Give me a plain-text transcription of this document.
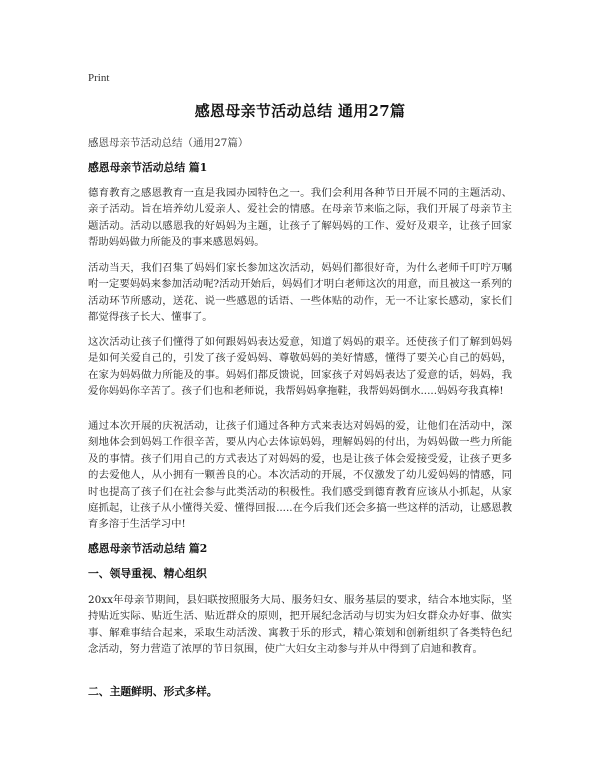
Print
感恩母亲节活动总结 通用27篇
感恩母亲节活动总结（通用27篇）
感恩母亲节活动总结 篇1
德育教育之感恩教育一直是我园办园特色之一。我们会利用各种节日开展不同的主题活动、亲子活动。旨在培养幼儿爱亲人、爱社会的情感。在母亲节来临之际，我们开展了母亲节主题活动。活动以感恩我的好妈妈为主题，让孩子了解妈妈的工作、爱好及艰辛，让孩子回家帮助妈妈做力所能及的事来感恩妈妈。
活动当天，我们召集了妈妈们家长参加这次活动，妈妈们都很好奇，为什么老师千叮咛万嘱咐一定要妈妈来参加活动呢?活动开始后，妈妈们才明白老师这次的用意，而且被这一系列的活动环节所感动，送花、说一些感恩的话语、一些体贴的动作，无一不让家长感动，家长们都觉得孩子长大、懂事了。
这次活动让孩子们懂得了如何跟妈妈表达爱意，知道了妈妈的艰辛。还使孩子们了解到妈妈是如何关爱自己的，引发了孩子爱妈妈、尊敬妈妈的美好情感，懂得了要关心自己的妈妈，在家为妈妈做力所能及的事。妈妈们都反馈说，回家孩子对妈妈表达了爱意的话，妈妈，我爱你妈妈你辛苦了。孩子们也和老师说，我帮妈妈拿拖鞋，我帮妈妈倒水.....妈妈夸我真棒!
通过本次开展的庆祝活动，让孩子们通过各种方式来表达对妈妈的爱，让他们在活动中，深刻地体会到妈妈工作很辛苦，要从内心去体谅妈妈，理解妈妈的付出，为妈妈做一些力所能及的事情。孩子们用自己的方式表达了对妈妈的爱，也是让孩子体会爱接受爱，让孩子更多的去爱他人，从小拥有一颗善良的心。本次活动的开展，不仅激发了幼儿爱妈妈的情感，同时也提高了孩子们在社会参与此类活动的积极性。我们感受到德育教育应该从小抓起，从家庭抓起，让孩子从小懂得关爱、懂得回报.....在今后我们还会多搞一些这样的活动，让感恩教育多溶于生活学习中!
感恩母亲节活动总结 篇2
一、领导重视、精心组织
20xx年母亲节期间，县妇联按照服务大局、服务妇女、服务基层的要求，结合本地实际，坚持贴近实际、贴近生活、贴近群众的原则，把开展纪念活动与切实为妇女群众办好事、做实事、解难事结合起来，采取生动活泼、寓教于乐的形式，精心策划和创新组织了各类特色纪念活动，努力营造了浓厚的节日氛围，使广大妇女主动参与并从中得到了启迪和教育。
二、主题鲜明、形式多样。
